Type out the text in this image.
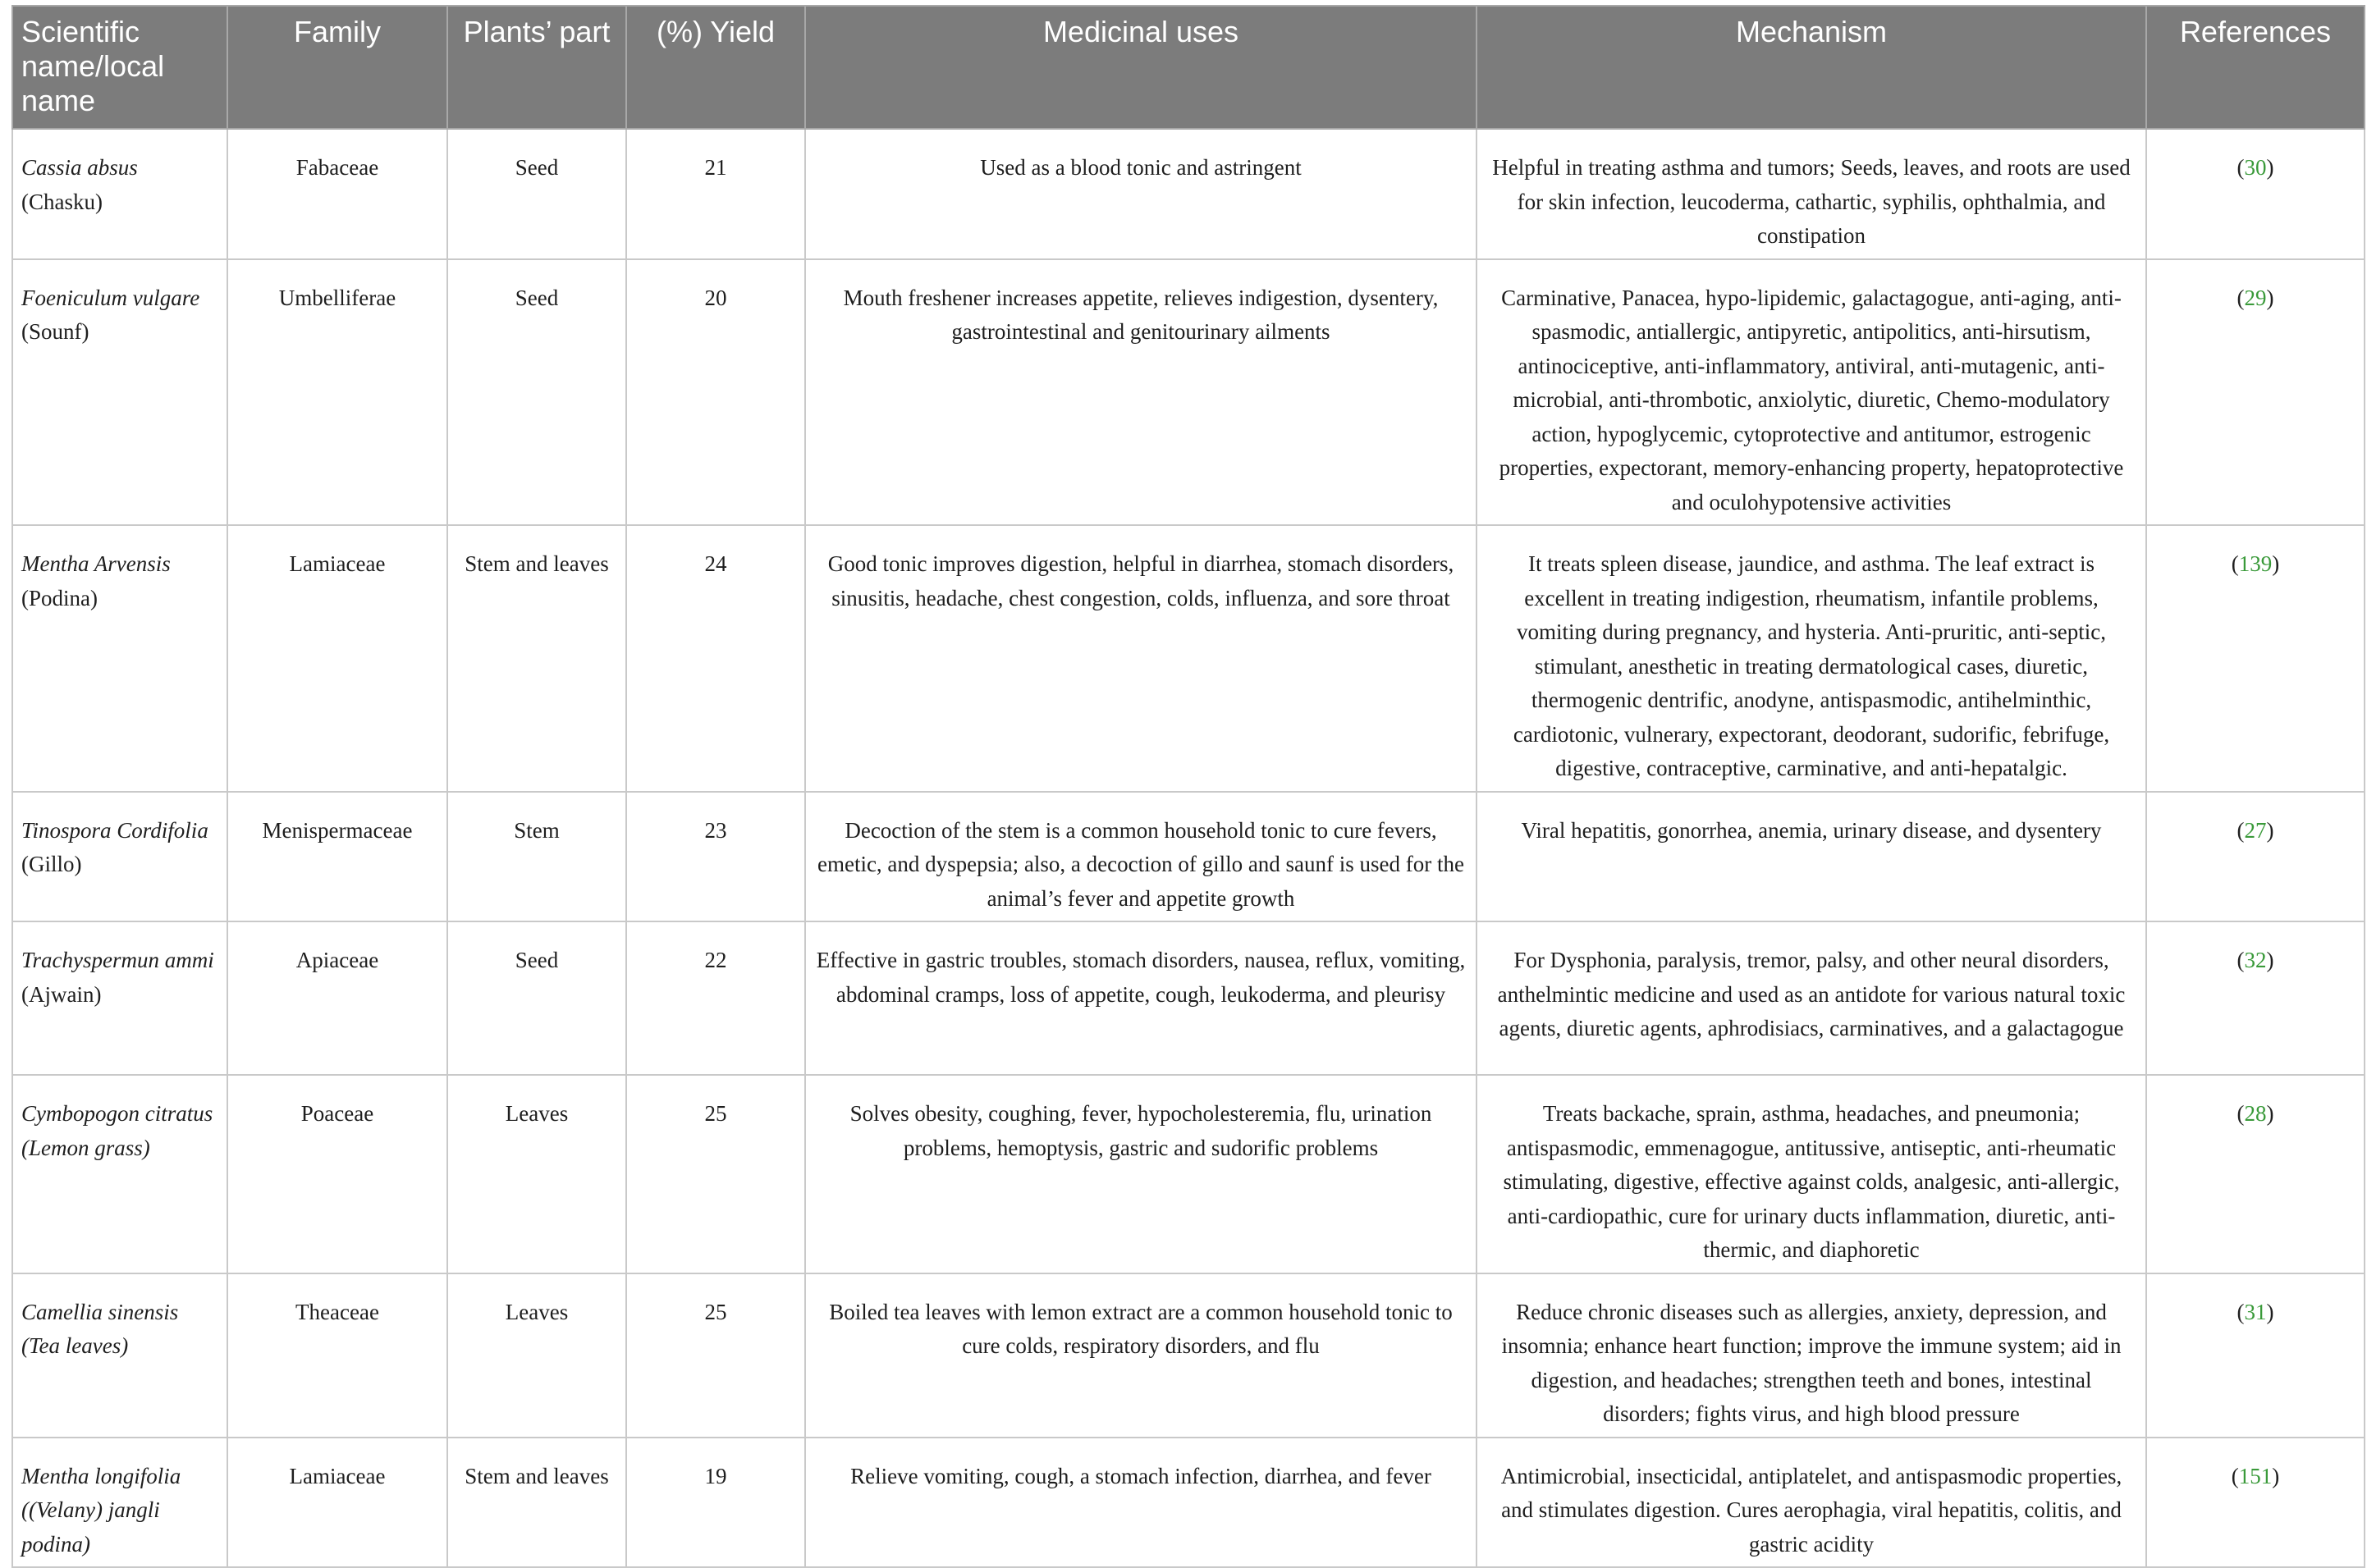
Scientific name/local name	Family	Plants’ part	(%) Yield	Medicinal uses	Mechanism	References
Cassia absus
(Chasku)	Fabaceae	Seed	21	Used as a blood tonic and astringent	Helpful in treating asthma and tumors; Seeds, leaves, and roots are used for skin infection, leucoderma, cathartic, syphilis, ophthalmia, and constipation	(30)
Foeniculum vulgare
(Sounf)	Umbelliferae	Seed	20	Mouth freshener increases appetite, relieves indigestion, dysentery, gastrointestinal and genitourinary ailments	Carminative, Panacea, hypo-lipidemic, galactagogue, anti-aging, anti-spasmodic, antiallergic, antipyretic, antipolitics, anti-hirsutism, antinociceptive, anti-inflammatory, antiviral, anti-mutagenic, anti-microbial, anti-thrombotic, anxiolytic, diuretic, Chemo-modulatory action, hypoglycemic, cytoprotective and antitumor, estrogenic properties, expectorant, memory-enhancing property, hepatoprotective and oculohypotensive activities	(29)
Mentha Arvensis
(Podina)	Lamiaceae	Stem and leaves	24	Good tonic improves digestion, helpful in diarrhea, stomach disorders, sinusitis, headache, chest congestion, colds, influenza, and sore throat	It treats spleen disease, jaundice, and asthma. The leaf extract is excellent in treating indigestion, rheumatism, infantile problems, vomiting during pregnancy, and hysteria. Anti-pruritic, anti-septic, stimulant, anesthetic in treating dermatological cases, diuretic, thermogenic dentrific, anodyne, antispasmodic, antihelminthic, cardiotonic, vulnerary, expectorant, deodorant, sudorific, febrifuge, digestive, contraceptive, carminative, and anti-hepatalgic.	(139)
Tinospora Cordifolia
(Gillo)	Menispermaceae	Stem	23	Decoction of the stem is a common household tonic to cure fevers, emetic, and dyspepsia; also, a decoction of gillo and saunf is used for the animal’s fever and appetite growth	Viral hepatitis, gonorrhea, anemia, urinary disease, and dysentery	(27)
Trachyspermun ammi (Ajwain)	Apiaceae	Seed	22	Effective in gastric troubles, stomach disorders, nausea, reflux, vomiting, abdominal cramps, loss of appetite, cough, leukoderma, and pleurisy	For Dysphonia, paralysis, tremor, palsy, and other neural disorders, anthelmintic medicine and used as an antidote for various natural toxic agents, diuretic agents, aphrodisiacs, carminatives, and a galactagogue	(32)
Cymbopogon citratus (Lemon grass)	Poaceae	Leaves	25	Solves obesity, coughing, fever, hypocholesteremia, flu, urination problems, hemoptysis, gastric and sudorific problems	Treats backache, sprain, asthma, headaches, and pneumonia; antispasmodic, emmenagogue, antitussive, antiseptic, anti-rheumatic stimulating, digestive, effective against colds, analgesic, anti-allergic, anti-cardiopathic, cure for urinary ducts inflammation, diuretic, anti-thermic, and diaphoretic	(28)
Camellia sinensis (Tea leaves)	Theaceae	Leaves	25	Boiled tea leaves with lemon extract are a common household tonic to cure colds, respiratory disorders, and flu	Reduce chronic diseases such as allergies, anxiety, depression, and insomnia; enhance heart function; improve the immune system; aid in digestion, and headaches; strengthen teeth and bones, intestinal disorders; fights virus, and high blood pressure	(31)
Mentha longifolia ((Velany) jangli podina)	Lamiaceae	Stem and leaves	19	Relieve vomiting, cough, a stomach infection, diarrhea, and fever	Antimicrobial, insecticidal, antiplatelet, and antispasmodic properties, and stimulates digestion. Cures aerophagia, viral hepatitis, colitis, and gastric acidity	(151)
